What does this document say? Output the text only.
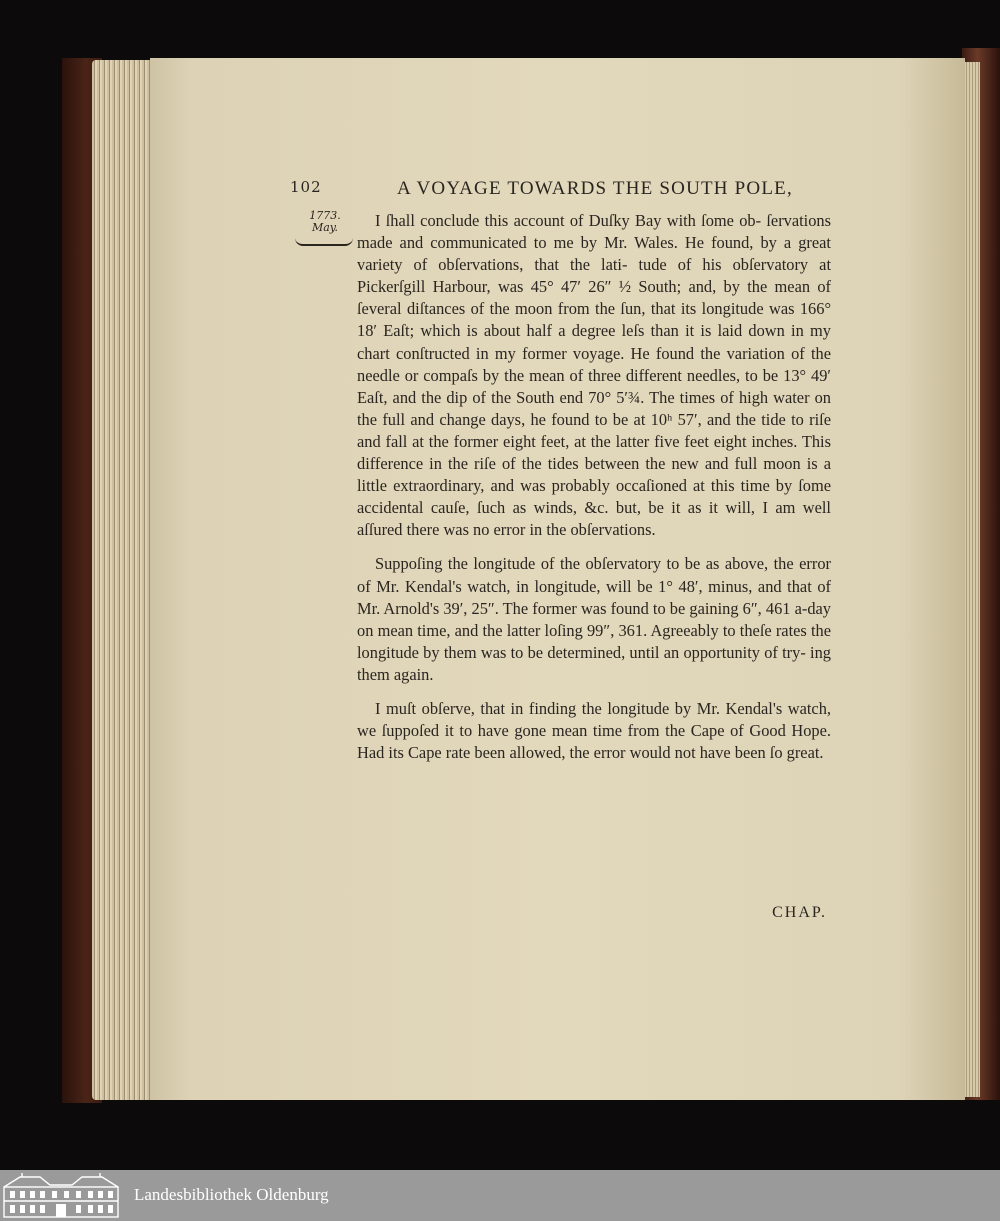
102	A VOYAGE TOWARDS THE SOUTH POLE,
1773.
May.	I ſhall conclude this account of Duſky Bay with ſome ob- ſervations made and communicated to me by Mr. Wales. He found, by a great variety of obſervations, that the lati- tude of his obſervatory at Pickerſgill Harbour, was 45° 47′ 26″ ½ South; and, by the mean of ſeveral diſtances of the moon from the ſun, that its longitude was 166° 18′ Eaſt; which is about half a degree leſs than it is laid down in my chart conſtructed in my former voyage. He found the variation of the needle or compaſs by the mean of three different needles, to be 13° 49′ Eaſt, and the dip of the South end 70° 5′¾. The times of high water on the full and change days, he found to be at 10ʰ 57′, and the tide to riſe and fall at the former eight feet, at the latter five feet eight inches. This difference in the riſe of the tides between the new and full moon is a little extraordinary, and was probably occaſioned at this time by ſome accidental cauſe, ſuch as winds, &c. but, be it as it will, I am well aſſured there was no error in the obſervations.

Suppoſing the longitude of the obſervatory to be as above, the error of Mr. Kendal's watch, in longitude, will be 1° 48′, minus, and that of Mr. Arnold's 39′, 25″. The former was found to be gaining 6″, 461 a-day on mean time, and the latter loſing 99″, 361. Agreeably to theſe rates the longitude by them was to be determined, until an opportunity of try- ing them again.

I muſt obſerve, that in finding the longitude by Mr. Kendal's watch, we ſuppoſed it to have gone mean time from the Cape of Good Hope. Had its Cape rate been allowed, the error would not have been ſo great.

CHAP.
Landesbibliothek Oldenburg
